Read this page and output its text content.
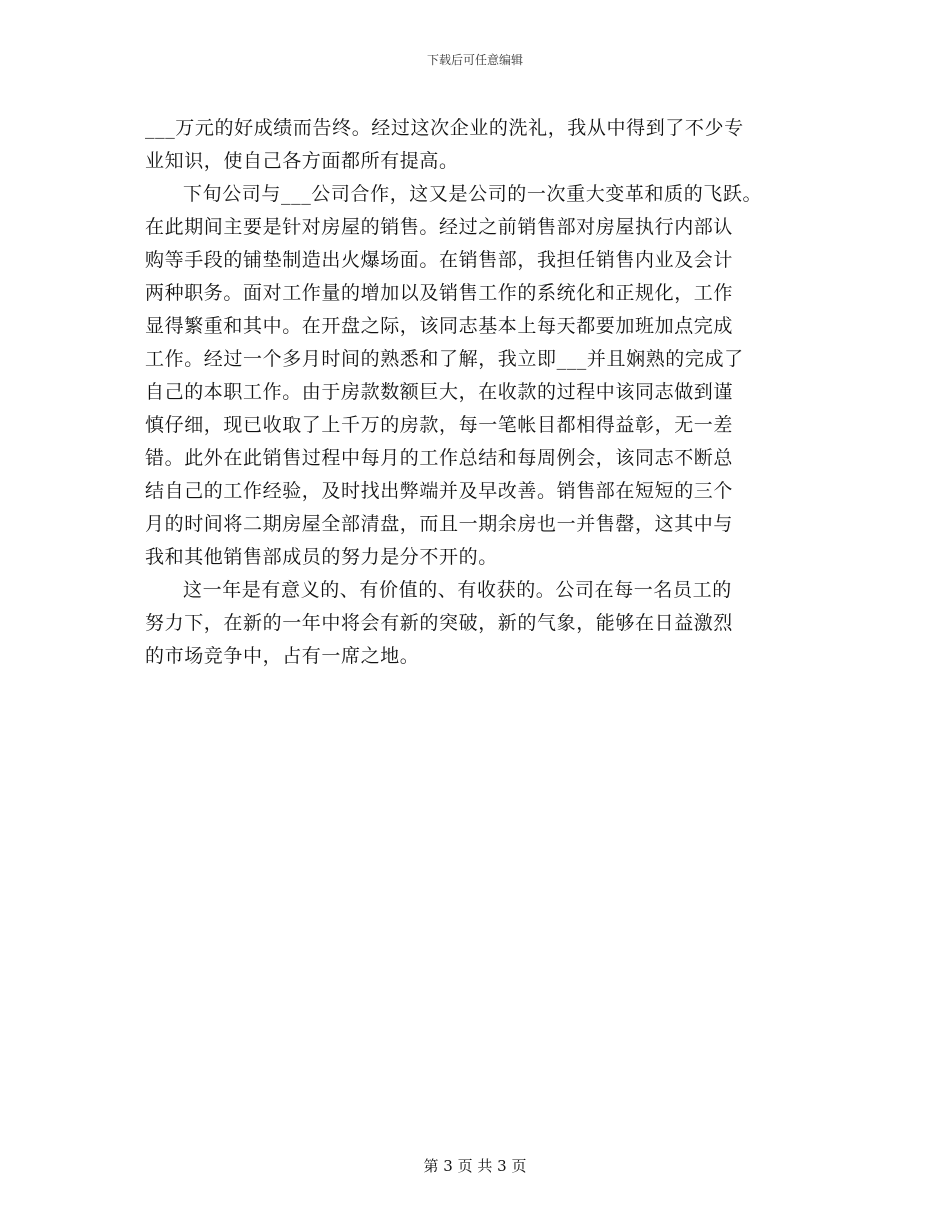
下载后可任意编辑
___万元的好成绩而告终。经过这次企业的洗礼，我从中得到了不少专
业知识，使自己各方面都所有提高。
下旬公司与___公司合作，这又是公司的一次重大变革和质的飞跃。
在此期间主要是针对房屋的销售。经过之前销售部对房屋执行内部认
购等手段的铺垫制造出火爆场面。在销售部，我担任销售内业及会计
两种职务。面对工作量的增加以及销售工作的系统化和正规化，工作
显得繁重和其中。在开盘之际，该同志基本上每天都要加班加点完成
工作。经过一个多月时间的熟悉和了解，我立即___并且娴熟的完成了
自己的本职工作。由于房款数额巨大，在收款的过程中该同志做到谨
慎仔细，现已收取了上千万的房款，每一笔帐目都相得益彰，无一差
错。此外在此销售过程中每月的工作总结和每周例会，该同志不断总
结自己的工作经验，及时找出弊端并及早改善。销售部在短短的三个
月的时间将二期房屋全部清盘，而且一期余房也一并售罄，这其中与
我和其他销售部成员的努力是分不开的。
这一年是有意义的、有价值的、有收获的。公司在每一名员工的
努力下，在新的一年中将会有新的突破，新的气象，能够在日益激烈
的市场竞争中，占有一席之地。
第 3 页 共 3 页
